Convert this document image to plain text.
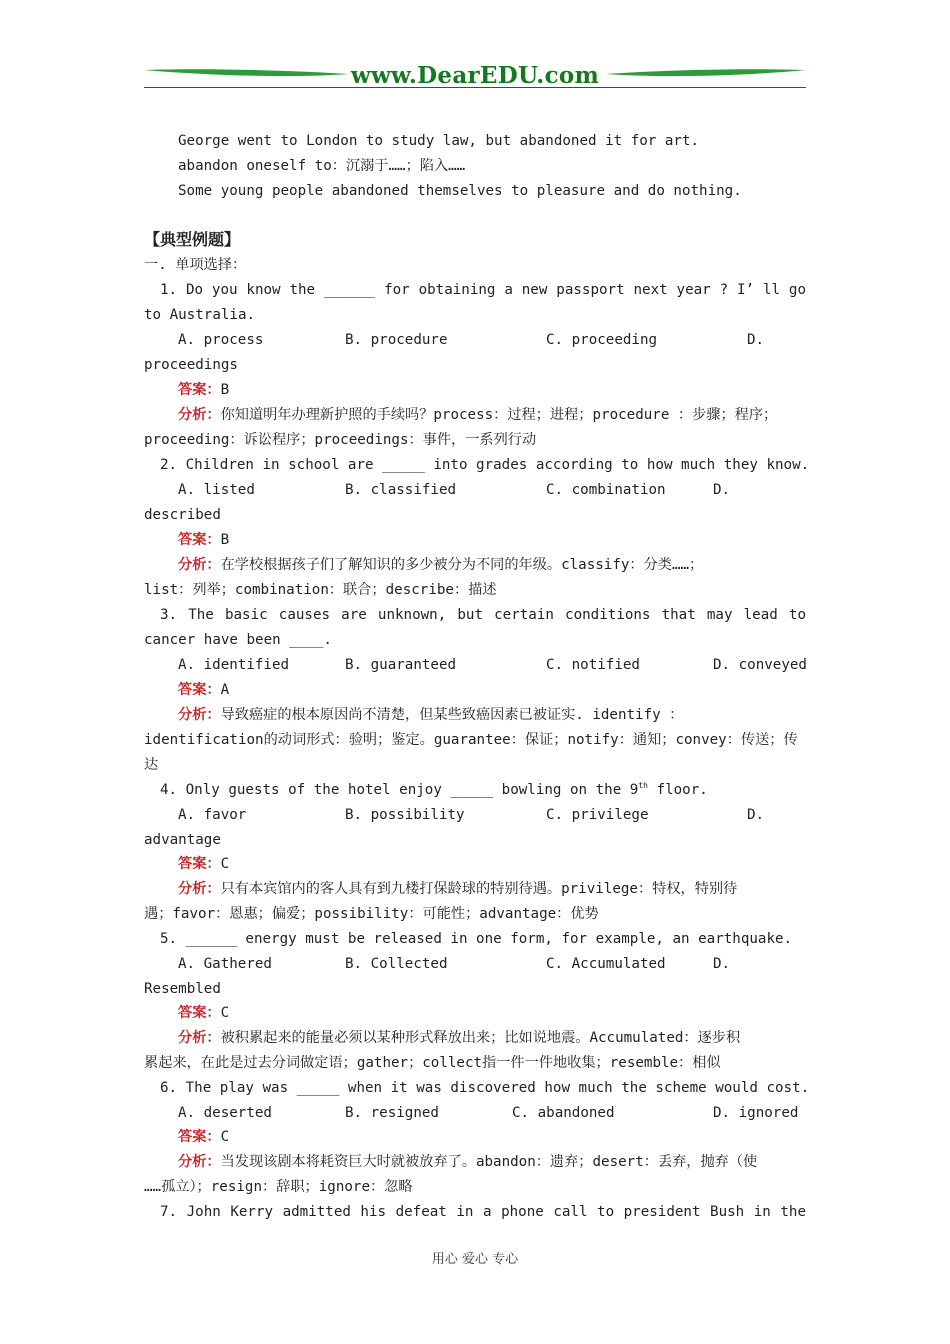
www.DearEDU.com
George went to London to study law, but abandoned it for art.
abandon oneself to：沉溺于……；陷入……
Some young people abandoned themselves to pleasure and do nothing.
【典型例题】
一. 单项选择：
1. Do you know the ______ for obtaining a new passport next year ? I’ ll go
to Australia.

A. process

	B. procedure

	C. proceeding

	D.

proceedings
答案：B
分析：你知道明年办理新护照的手续吗？process：过程；进程；procedure ：步骤；程序；
proceeding：诉讼程序；proceedings：事件，一系列行动
2. Children in school are _____ into grades according to how much they know.

A. listed

	B. classified

	C. combination

	D.

described
答案：B
分析：在学校根据孩子们了解知识的多少被分为不同的年级。classify：分类……；
list：列举；combination：联合；describe：描述
3. The basic causes are unknown, but certain conditions that may lead to
cancer have been ____.

A. identified

	B. guaranteed

	C. notified

	D. conveyed

答案：A
分析：导致癌症的根本原因尚不清楚，但某些致癌因素已被证实. identify ：
identification的动词形式：验明；鉴定。guarantee：保证；notify：通知；convey：传送；传
达
4. Only guests of the hotel enjoy _____ bowling on the 9th floor.

A. favor

	B. possibility

	C. privilege

	D.

advantage
答案：C
分析：只有本宾馆内的客人具有到九楼打保龄球的特别待遇。privilege：特权，特别待
遇；favor：恩惠；偏爱；possibility：可能性；advantage：优势
5. ______ energy must be released in one form, for example, an earthquake.

A. Gathered

	B. Collected

	C. Accumulated

	D.

Resembled
答案：C
分析：被积累起来的能量必须以某种形式释放出来；比如说地震。Accumulated：逐步积
累起来，在此是过去分词做定语；gather；collect指一件一件地收集；resemble：相似
6. The play was _____ when it was discovered how much the scheme would cost.

A. deserted

	B. resigned

	C. abandoned

	D. ignored

答案：C
分析：当发现该剧本将耗资巨大时就被放弃了。abandon：遗弃；desert：丢弃，抛弃（使
……孤立）；resign：辞职；ignore：忽略
7. John Kerry admitted his defeat in a phone call to president Bush in the
用心 爱心 专心
